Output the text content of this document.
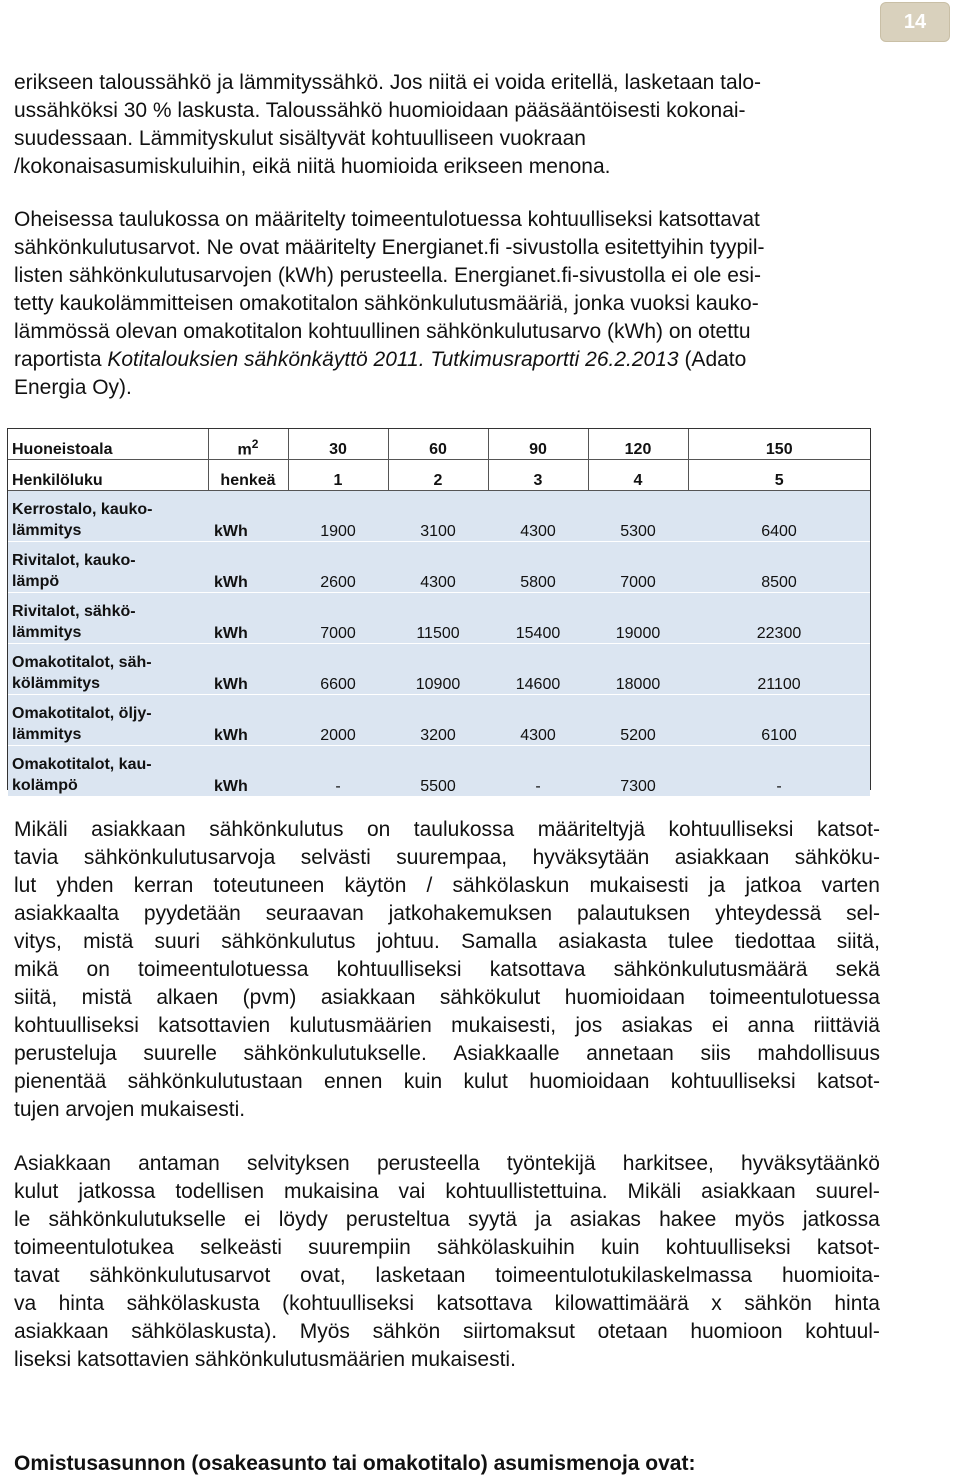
14
erikseen taloussähkö ja lämmityssähkö. Jos niitä ei voida eritellä, lasketaan talo-
ussähköksi 30 % laskusta. Taloussähkö huomioidaan pääsääntöisesti kokonai-
suudessaan. Lämmityskulut sisältyvät kohtuulliseen vuokraan
/kokonaisasumiskuluihin, eikä niitä huomioida erikseen menona.
Oheisessa taulukossa on määritelty toimeentulotuessa kohtuulliseksi katsottavat
sähkönkulutusarvot. Ne ovat määritelty Energianet.fi -sivustolla esitettyihin tyypil-
listen sähkönkulutusarvojen (kWh) perusteella. Energianet.fi-sivustolla ei ole esi-
tetty kaukolämmitteisen omakotitalon sähkönkulutusmääriä, jonka vuoksi kauko-
lämmössä olevan omakotitalon kohtuullinen sähkönkulutusarvo (kWh) on otettu
raportista Kotitalouksien sähkönkäyttö 2011. Tutkimusraportti 26.2.2013 (Adato
Energia Oy).
Huoneistoala	$m^2$	30	60	90	120	150
Henkilöluku	henkeä	1	2	3	4	5

Kerrostalo, kauko-
lämmitys	kWh	1900	3100	4300	5300	6400

Rivitalot, kauko-
lämpö	kWh	2600	4300	5800	7000	8500

Rivitalot, sähkö-
lämmitys	kWh	7000	11500	15400	19000	22300

Omakotitalot, säh-
kölämmitys	kWh	6600	10900	14600	18000	21100

Omakotitalot, öljy-
lämmitys	kWh	2000	3200	4300	5200	6100

Omakotitalot, kau-
kolämpö	kWh	-	5500	-	7300	-
Mikäli asiakkaan sähkönkulutus on taulukossa määriteltyjä kohtuulliseksi katsot-
tavia sähkönkulutusarvoja selvästi suurempaa, hyväksytään asiakkaan sähköku-
lut yhden kerran toteutuneen käytön / sähkölaskun mukaisesti ja jatkoa varten
asiakkaalta pyydetään seuraavan jatkohakemuksen palautuksen yhteydessä sel-
vitys, mistä suuri sähkönkulutus johtuu. Samalla asiakasta tulee tiedottaa siitä,
mikä on toimeentulotuessa kohtuulliseksi katsottava sähkönkulutusmäärä sekä
siitä, mistä alkaen (pvm) asiakkaan sähkökulut huomioidaan toimeentulotuessa
kohtuulliseksi katsottavien kulutusmäärien mukaisesti, jos asiakas ei anna riittäviä
perusteluja suurelle sähkönkulutukselle. Asiakkaalle annetaan siis mahdollisuus
pienentää sähkönkulutustaan ennen kuin kulut huomioidaan kohtuulliseksi katsot-
tujen arvojen mukaisesti.
Asiakkaan antaman selvityksen perusteella työntekijä harkitsee, hyväksytäänkö
kulut jatkossa todellisen mukaisina vai kohtuullistettuina. Mikäli asiakkaan suurel-
le sähkönkulutukselle ei löydy perusteltua syytä ja asiakas hakee myös jatkossa
toimeentulotukea selkeästi suurempiin sähkölaskuihin kuin kohtuulliseksi katsot-
tavat sähkönkulutusarvot ovat, lasketaan toimeentulotukilaskelmassa huomioita-
va hinta sähkölaskusta (kohtuulliseksi katsottava kilowattimäärä x sähkön hinta
asiakkaan sähkölaskusta). Myös sähkön siirtomaksut otetaan huomioon kohtuul-
liseksi katsottavien sähkönkulutusmäärien mukaisesti.
Omistusasunnon (osakeasunto tai omakotitalo) asumismenoja ovat:
